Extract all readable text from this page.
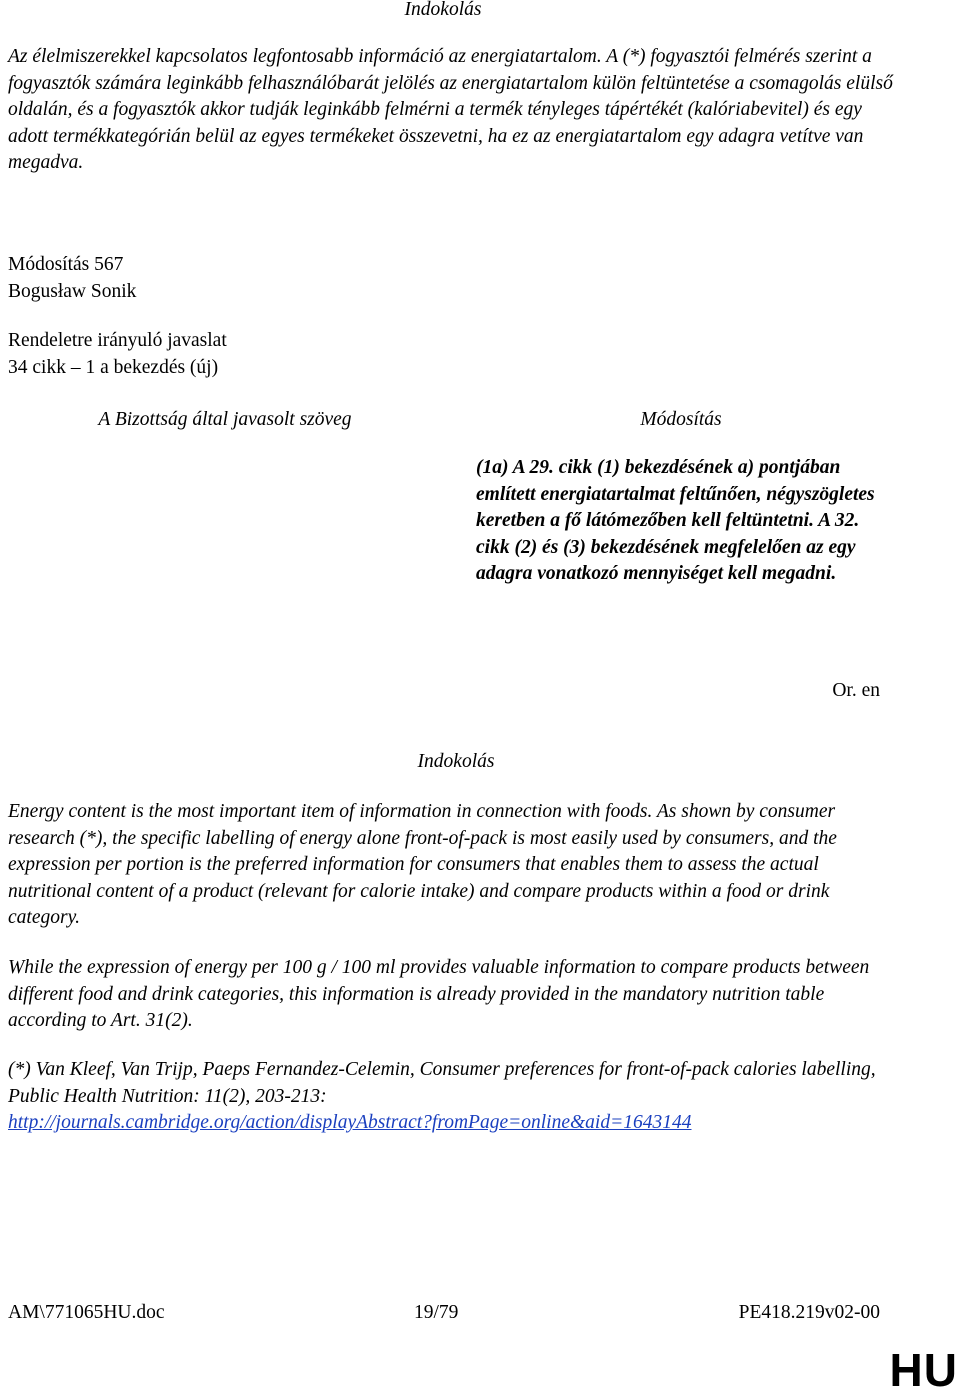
Indokolás

Az élelmiszerekkel kapcsolatos legfontosabb információ az energiatartalom. A (*) fogyasztói felmérés szerint a fogyasztók számára leginkább felhasználóbarát jelölés az energiatartalom külön feltüntetése a csomagolás elülső oldalán, és a fogyasztók akkor tudják leginkább felmérni a termék tényleges tápértékét (kalóriabevitel) és egy adott termékkategórián belül az egyes termékeket összevetni, ha ez az energiatartalom egy adagra vetítve van megadva.

Módosítás 567
Bogusław Sonik
Rendeletre irányuló javaslat
34 cikk – 1 a bekezdés (új)
A Bizottság által javasolt szöveg	Módosítás

(1a) A 29. cikk (1) bekezdésének a) pontjában említett energiatartalmat feltűnően, négyszögletes keretben a fő látómezőben kell feltüntetni. A 32. cikk (2) és (3) bekezdésének megfelelően az egy adagra vonatkozó mennyiséget kell megadni.

Or. en
Indokolás

Energy content is the most important item of information in connection with foods. As shown by consumer research (*), the specific labelling of energy alone front-of-pack is most easily used by consumers, and the expression per portion is the preferred information for consumers that enables them to assess the actual nutritional content of a product (relevant for calorie intake) and compare products within a food or drink category.

While the expression of energy per 100 g / 100 ml provides valuable information to compare products between different food and drink categories, this information is already provided in the mandatory nutrition table according to Art. 31(2).

(*) Van Kleef, Van Trijp, Paeps Fernandez-Celemin, Consumer preferences for front-of-pack calories labelling, Public Health Nutrition: 11(2), 203-213:
http://journals.cambridge.org/action/displayAbstract?fromPage=online&aid=1643144

AM\771065HU.doc	19/79	PE418.219v02-00
HU
